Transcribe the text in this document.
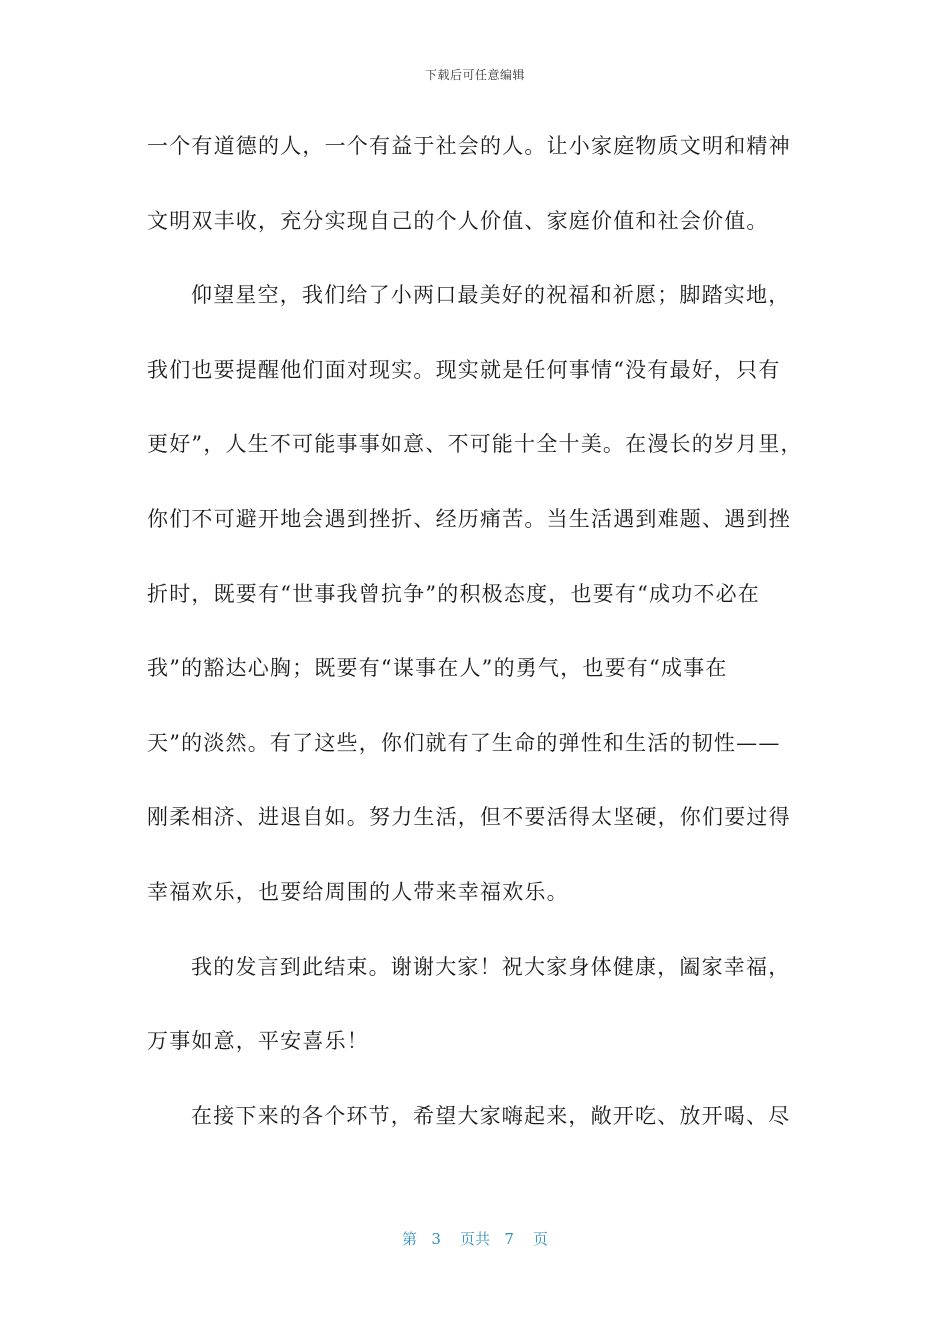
下载后可任意编辑
一个有道德的人，一个有益于社会的人。让小家庭物质文明和精神
文明双丰收，充分实现自己的个人价值、家庭价值和社会价值。
仰望星空，我们给了小两口最美好的祝福和祈愿；脚踏实地，
我们也要提醒他们面对现实。现实就是任何事情“没有最好，只有
更好”，人生不可能事事如意、不可能十全十美。在漫长的岁月里，
你们不可避开地会遇到挫折、经历痛苦。当生活遇到难题、遇到挫
折时，既要有“世事我曾抗争”的积极态度，也要有“成功不必在
我”的豁达心胸；既要有“谋事在人”的勇气，也要有“成事在
天”的淡然。有了这些，你们就有了生命的弹性和生活的韧性——
刚柔相济、进退自如。努力生活，但不要活得太坚硬，你们要过得
幸福欢乐，也要给周围的人带来幸福欢乐。
我的发言到此结束。谢谢大家！祝大家身体健康，阖家幸福，
万事如意，平安喜乐！
在接下来的各个环节，希望大家嗨起来，敞开吃、放开喝、尽
第 3 页共 7 页
